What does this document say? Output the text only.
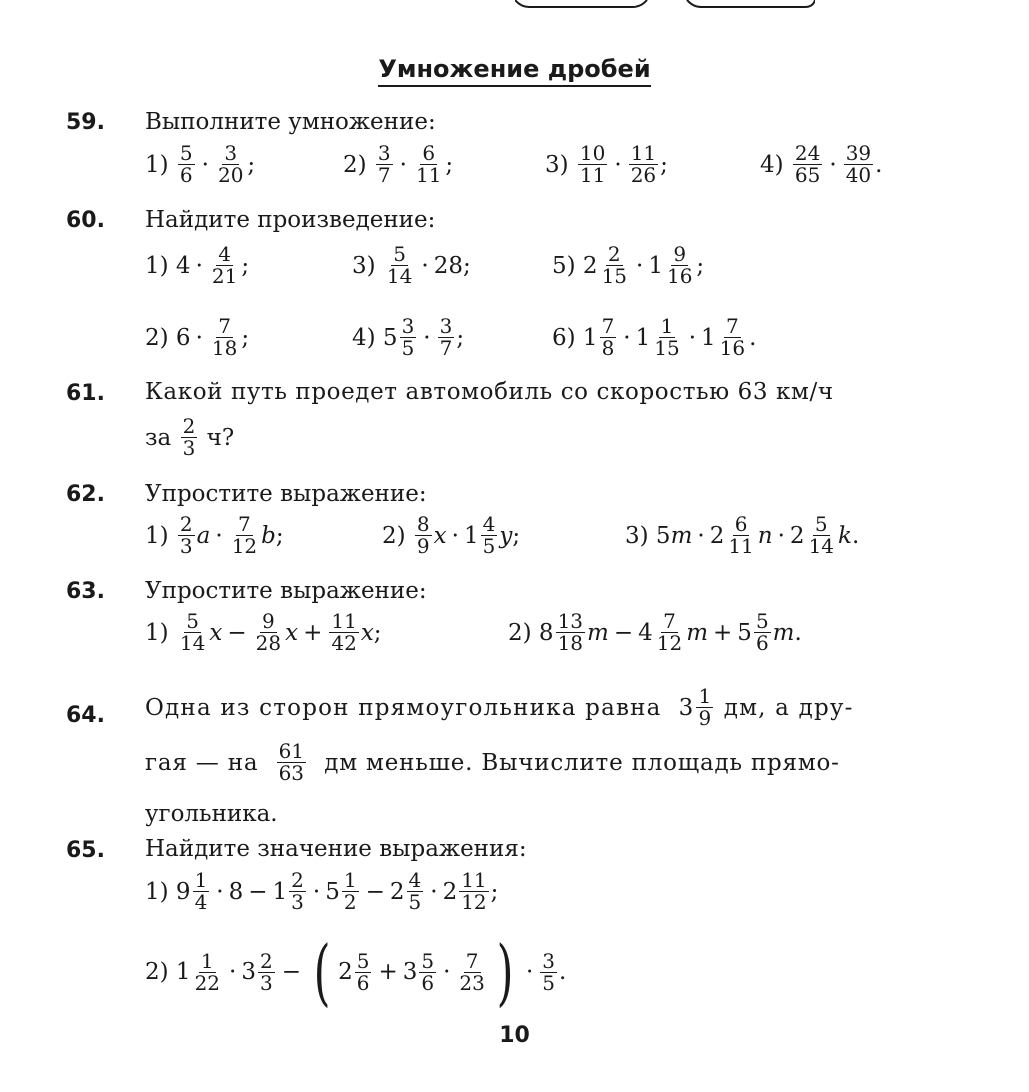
Умножение дробей
59. Выполните умножение:
1)
$\frac{5}{6} \cdot \frac{3}{20}$ ;	2)
$\frac{3}{7} \cdot \frac{6}{11}$ ;	3)
$\frac{10}{11} \cdot \frac{11}{26}$ ;	4)
$\frac{24}{65} \cdot \frac{39}{40}$ .
60. Найдите произведение:
1)
$4 \cdot \frac{4}{21}$ ;	3)
$\frac{5}{14} \cdot 28$;	5)
$2 \frac{2}{15} \cdot 1 \frac{9}{16}$ ;
2)
$6 \cdot \frac{7}{18}$ ;	4)
$5 \frac{3}{5} \cdot \frac{3}{7}$ ;	6)
$1 \frac{7}{8} \cdot 1 \frac{1}{15} \cdot 1 \frac{7}{16}$ .
61. Какой путь проедет автомобиль со скоростью 63 км/ч
за
$\frac{2}{3}$
ч?
62. Упростите выражение:
1)
$\frac{2}{3}$ $a \cdot \frac{7}{12}$ b ;	2)
$\frac{8}{9}$ $x \cdot 1 \frac{4}{5}$ y ;	3)
5 $m \cdot 2 \frac{6}{11}$ $n \cdot 2 \frac{5}{14}$ k .
63. Упростите выражение:
1)
$\frac{5}{14}$ $x - \frac{9}{28}$ $x + \frac{11}{42}$ x ;	2)
$8 \frac{13}{18}$ $m - 4 \frac{7}{12}$ $m + 5 \frac{5}{6}$ m .
64. Одна из сторон прямоугольника равна
$3 \frac{1}{9}$
дм, а дру-
гая — на
$\frac{61}{63}$
дм меньше. Вычислите площадь прямо-
угольника.
65. Найдите значение выражения:
1)
$9 \frac{1}{4} \cdot 8 - 1 \frac{2}{3} \cdot 5 \frac{1}{2} - 2 \frac{4}{5} \cdot 2 \frac{11}{12}$ ;
2)
$1 \frac{1}{22} \cdot 3 \frac{2}{3}$ − ( $2 \frac{5}{6} + 3 \frac{5}{6} \cdot \frac{7}{23}$ ) · $\frac{3}{5}$ .
10
